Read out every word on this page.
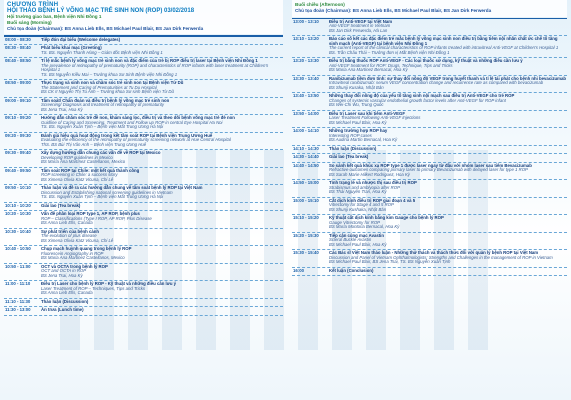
CHƯƠNG TRÌNH
HỘI THẢO BỆNH LÝ VÕNG MẠC TRẺ SINH NON (ROP) 03/02/2018
Hội trường giao ban, Bệnh viện Nhi Đồng 1
Buổi sáng (Morning)
Chủ tọa đoàn (Chairman): BS Anna Lieb Ells, BS Michael Paul Blair, BS Jan Dirk Ferwerda
08:00 - 08:30	Tiếp đón đại biểu (Welcome delegates)
08:30 - 08:40	Phát biểu khai mạc (Greeting)
TS. BS. Nguyễn Thanh Hùng – Giám đốc Bệnh viện Nhi Đồng 1
08:40 - 08:50	Tỉ lệ mắc bệnh lý võng mạc trẻ sinh non và đặc điểm của trẻ bị ROP điều trị laser tại Bệnh viện Nhi Đồng 1
The prevalence of retinopathy of prematurity (ROP) and characteristics of ROP infants with laser treatment at Children's Hospital 1
TS. BS Nguyễn Kiều Mai – Trưởng khoa Sơ Sinh Bệnh viện Nhi Đồng 1
08:50 - 09:00	Thực trạng và sinh non và chăm sóc trẻ sinh non tại Bệnh viện Từ Dũ
The Statement and Caring of Prematurities at Tu Du Hospital
BS CK II Nguyễn Thị Tú Anh – Trưởng khoa Sơ sinh Bệnh viện Từ Dũ
09:00 - 09:10	Tầm soát/ Chẩn đoán và điều trị bệnh lý võng mạc trẻ sinh non
Screening/ Diagnosis and treatment of retinopathy of prematurity
BS Jena Tsai, Hoa Kỳ
09:10 - 09:20	Hướng dẫn chăm sóc trẻ đề non, khám sàng lọc, điều trị và theo dõi bệnh võng mạc trẻ đẻ non
Guidline of Caring and Screening, Treatment and Follow up ROP in central Eye Hospital Ha Noi
TS. BS. Nguyễn Xuân Tịnh – Bệnh viện Mắt Trung Ương Hà Nội
09:20 - 09:30	Đánh giá hiệu quả hoạt động trong kết tầm soát ROP tại Bệnh viện Trung Ương Huế
Evaluating the efficiency of the retinopathy of prematurity screening network at Hue Central Hospital
ThS. BS Bùi Thị Vân Anh – Bệnh viện Trung Ương Huế
09:30 - 09:40	Xây dựng hướng dẫn chung các vấn đề về ROP tại Mexico
Developing ROP guidelines in Mexico
BS María Ana Martínez Castellanos, Mexico
09:40 - 09:50	Tầm soát ROP tại Chile: một kết quả thành công
ROP screening in Chile: a success story
BS Ximena Olivia Katz Vicuna, Chi Lê
09:50 - 10:10	Thảo luận và đề ra các hướng dẫn chung về tầm soát bệnh lý ROP tại Việt Nam
Discussion and Establishing national screening guidelines in Vietnam
TS. BS. Nguyễn Xuân Tịnh – Bệnh viện Mắt Trung Ương Hà Nội
10:10 - 10:20	Giải lao (Tea break)
10:20 - 10:30	Vấn đề phân loại ROP type 1, AP ROP, bệnh plus
ROP – Classifications (Type I ROP, AP ROP, Plus Disease
BS Anna Lieb Ells, Canada
10:30 - 10:40	Sự phát triển của bệnh cảnh
The evolution of plus disease
BS Ximena Olivia Katz Vicuna, Chi Lê
10:40 - 10:50	Chụp mạch huỳnh quang trong bệnh lý ROP
Fluorescein Angiography in ROP
BS Maria Ana Martinez Castellanos, Mexico
10:50 - 11:00	OCT và OCTA trong bệnh lý ROP
OCT and OCTA in ROP
BS Jena Tsai, Hoa Kỳ
11:00 - 11:10	Điều trị Laser cho bệnh lý ROP - Kỹ thuật và những điều cần lưu ý
Laser Treatment of ROP – Techniques, Tips and Tricks
BS Anna Lieb Ells, Canada
11:10 - 11:30	Thảo luận (Discussion)
11:30 - 13:00	Ăn trưa (Lunch time)
Buổi chiều (Afternoon)
Chủ tọa đoàn (Chairman): BS Anna Lieb Ells, BS Michael Paul Blair, BS Jan Dirk Ferwerda
13:00 - 13:10	Điều trị Anti-VEGF tại Việt Nam
Anti-VEGF treatment in Vietnam
BS Jan Dirk Ferwerda, Hà Lan
13:10 - 13:20	Báo cáo số kết các đặc điểm trẻ mắc bệnh lý võng mạc sinh non điều trị bằng tiêm nội nhãn chất ức chế tố tăng sinh mạch (Anti-VEGF) tại bệnh viện Nhi Đồng 1
The current report of the clinical characteristics of ROP infants treated with intravitreal Anti-VEGF at Children's Hospital 1
BS. Trần Châu Thái – Trưởng đơn vị Mắt Bệnh viện Nhi Đồng 1
13:20 - 13:30	Điều trị bằng thuốc ROP Anti-VEGF - Các loại thuốc sử dụng, kỹ thuật và những điều cần lưu ý
Anti-VEGF treatment for ROP: Drugs, Technique, Tips and Tricks
BS Maria Ana Martinez Bernacal, Hoa Kỳ
13:30 - 13:40	Ranibizumab tiêm đơn tính: sự thay đổi nồng độ VEGF trong huyết thanh và tỉ lệ tái phát cho bệnh nhi bevacizumab
Intravitreal ranibizumab: serum VEGF concentration change and recurrence rate as compared with bevacizumab
BS Shunji Kusaka, Nhật Bản
13:40 - 13:50	Những thay đổi nồng độ của yếu tố tăng sinh nội mạch sau điều trị Anti-VEGF cho trẻ ROP
Changes of systemic vascular endothelial growth factor levels after Anti-VEGF for ROP infant
BS Wei-Chi Wu, Trung Quốc
13:50 - 14:00	Điều trị Laser sau khi tiêm Anti-VEGF
Laser Treatment Following Anti-VEGF Injections
BS Michael Paul Blair, Hoa Kỳ
14:00 - 14:10	Những trường hợp ROP hay
Interesting ROP cases
BS Audina Martín Bernacal, Hoa Kỳ
14:10 - 14:30	Thảo luận (Discussion)
14:30 - 14:40	Giải lao (Tea break)
14:40 - 14:50	So sánh kết quả khúc xạ ROP type 1 được laser ngay từ đầu với nhóm laser sau tiêm Bevacizumab
Refractive outcomes comparing primary laser to primary Bevacizumab with delayed laser for type 1 ROP
BS Sarah Marie Hilkert Rodriguez, Hoa Kỳ
14:50 - 15:00	Tình trạng lé và nhược thị sau điều trị ROP
Strabismus and amblyopia after ROP
BS Thái Nguyên Tran, Hoa Kỳ
15:00 - 15:10	Cắt dịch kính điều trị ROP giai đoạn 4 và 5
Vitrectomy for Stage 4 and 5 ROP
BS Shunji Kushaka, Nhật Bản
15:10 - 15:20	Kỹ thuật cắt dịch kính bằng kim Gauge cho bệnh lý ROP
Gauge Vitrectomy for ROP
BS María Montoria Bernacal, Hoa Kỳ
15:20 - 15:30	Tiếp cận củng mạc Avastin
Scleral Buckle Avastin
BS Michael Paul Blair, Hoa Kỳ
15:30 - 15:40	Các Bác sĩ Việt Nam thảo luận - Những thử thách và thách thức đối với quản lý bệnh ROP tại Việt Nam
Discussion and Panel of Vietnam Ophthalmologists: Strengths and Challenges in the management of ROP in Vietnam
BS Michael Paul Blair, BS Jena Tsai, TS. BS Nguyễn Xuân Tịnh
16:00	Kết luận (Conclusion)
